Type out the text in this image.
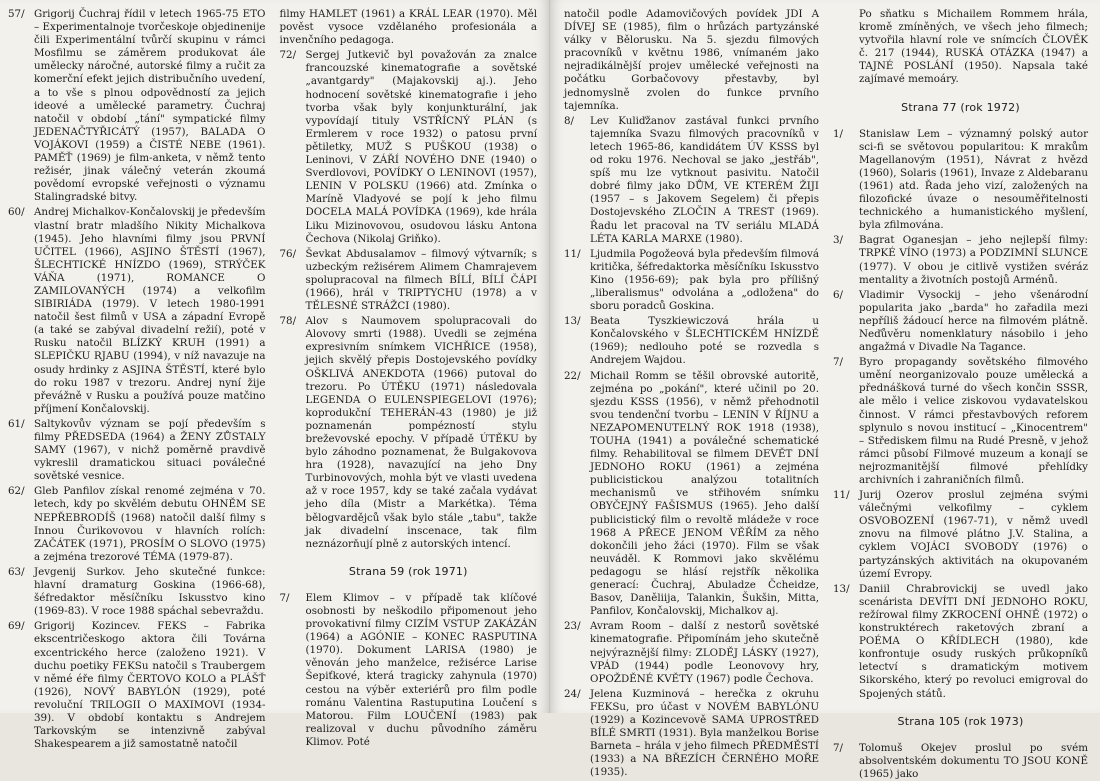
57/ Grigorij Čuchraj řídil v letech 1965-75 ETO – Experimentalnoje tvorčeskoje objedinenije čili Experimentální tvůrčí skupinu v rámci Mosfilmu se záměrem produkovat ále uměleckу náročné, autorské filmy a ručit za komerční efekt jejich distribučního uvedení, a to vše s plnou odpovědností za jejich ideové a umělecké parametry. Čuchraj natočil v období „tání" sympatické filmy JEDENAČTYŘICÁTÝ (1957), BALADA O VOJÁKOVI (1959) a ČISTÉ NEBE (1961). PAMĚŤ (1969) je film-anketa, v němž tento režisér, jinak válečný veterán zkoumá povědomí evropské veřejnosti o významu Stalingradské bitvy.
60/ Andrej Michalkov-Končalovskij je především vlastní bratr mladšího Nikity Michalkova (1945). Jeho hlavními filmy jsou PRVNÍ UČITEL (1966), ASJINO ŠTĚSTÍ (1967), ŠLECHTICKÉ HNÍZDO (1969), STRÝČEK VÁŇA (1971), ROMANCE O ZAMILOVANÝCH (1974) a velkofilm SIBIRIÁDA (1979). V letech 1980-1991 natočil šest filmů v USA a západní Evropě (a také se zabýval divadelní režií), poté v Rusku natočil BLÍZKÝ KRUH (1991) a SLEPIČKU RJABU (1994), v níž navazuje na osudy hrdinky z ASJINA ŠTĚSTÍ, které bylo do roku 1987 v trezoru. Andrej nyní žije převážně v Rusku a používá pouze matčino příjmení Končalovskij.
61/ Saltykovův význam se pojí především s filmy PŘEDSEDA (1964) a ŽENY ZŮSTALY SAMY (1967), v nichž poměrně pravdivě vykreslil dramatickou situaci poválečné sovětské vesnice.
62/ Gleb Panfilov získal renomé zejména v 70. letech, kdy po skvělém debutu OHNĚM SE NEPŘEBRODÍŠ (1968) natočil další filmy s Innou Čurikovovou v hlavních rolích: ZAČÁTEK (1971), PROSÍM O SLOVO (1975) a zejména trezorové TÉMA (1979-87).
63/ Jevgenij Surkov. Jeho skutečné funkce: hlavní dramaturg Goskina (1966-68), šéfredaktor měsíčníku Iskusstvo kino (1969-83). V roce 1988 spáchal sebevraždu.
69/ Grigorij Kozincev. FEKS – Fabrika ekscentričeskogo aktora čili Továrna excentrického herce (založeno 1921). V duchu poetiky FEKSu natočil s Traubergem v němé éře filmy ČERTOVO KOLO a PLÁŠŤ (1926), NOVÝ BABYLÓN (1929), poté revoluční TRILOGII O MAXIMOVI (1934-39). V období kontaktu s Andrejem Tarkovským se intenzivně zabýval Shakespearem a již samostatně natočil
filmy HAMLET (1961) a KRÁL LEAR (1970). Měl pověst vysoce vzdělaného profesionála a invenčního pedagoga.
72/ Sergej Jutkevič byl považován za znalce francouzské kinematografie a sovětské „avantgardy" (Majakovskij aj.). Jeho hodnocení sovětské kinematografie i jeho tvorba však byly konjunkturální, jak vypovídají tituly VSTŘÍCNÝ PLÁN (s Ermlerem v roce 1932) o patosu první pětiletky, MUŽ S PUŠKOU (1938) o Leninovi, V ZÁŘÍ NOVÉHO DNE (1940) o Sverdlovovi, POVÍDKY O LENINOVI (1957), LENIN V POLSKU (1966) atd. Zmínka o Maríně Vladyové se pojí k jeho filmu DOCELA MALÁ POVÍDKA (1969), kde hrála Liku Mizinovovou, osudovou lásku Antona Čechova (Nikolaj Griňko).
76/ Ševkat Abdusalamov – filmový výtvarník; s uzbeckým režisérem Alimem Chamrajevem spolupracoval na filmech BÍLÍ, BÍLÍ ČÁPI (1966), hrál v TRIPTYCHU (1978) a v TĚLESNÉ STRÁŽCI (1980).
78/ Alov s Naumovem spolupracovali do Alovovy smrti (1988). Uvedli se zejména expresivním snímkem VICHŘICE (1958), jejich skvělý přepis Dostojevského povídky OŠKLIVÁ ANEKDOTA (1966) putoval do trezoru. Po ÚTĚKU (1971) následovala LEGENDA O EULENSPIEGELOVI (1976); koprodukční TEHERÁN-43 (1980) je již poznamenán pompézností stylu breževovské epochy. V případě ÚTĚKU by bylo záhodno poznamenat, že Bulgakovova hra (1928), navazující na jeho Dny Turbinovových, mohla být ve vlasti uvedena až v roce 1957, kdy se také začala vydávat jeho díla (Mistr a Markétka). Téma bělogvardějců však bylo stále „tabu", takže jak divadelní inscenace, tak film neznázorňují plně z autorských intencí.
Strana 59 (rok 1971)
7/	Elem Klimov – v případě tak klíčové osobnosti by neškodilo připomenout jeho provokativní filmy CIZÍM VSTUP ZAKÁZÁN (1964) a AGÓNIE – KONEC RASPUTINA (1970). Dokument LARISA (1980) je věnován jeho manželce, režisérce Larise Šepiťkové, která tragicky zahynula (1970) cestou na výběr exteriérů pro film podle románu Valentina Rastuputina Loučení s Matorou. Film LOUČENÍ (1983) pak realizoval v duchu původního záměru Klimov. Poté
natočil podle Adamovičových povídek JDI A DÍVEJ SE (1985), film o hrůzách partyzánské války v Bělorusku. Na 5. sjezdu filmových pracovníků v květnu 1986, vnímaném jako nejradikálnější projev umělecké veřejnosti na počátku Gorbačovovy přestavby, byl jednomyslně zvolen do funkce prvního tajemníka.
8/	Lev Kuliďžanov zastával funkci prvního tajemníka Svazu filmových pracovníků v letech 1965-86, kandidátem ÚV KSSS byl od roku 1976. Nechoval se jako „jestřáb", spíš mu lze vytknout pasivitu. Natočil dobré filmy jako DŮM, VE KTERÉM ŽIJI (1957 – s Jakovem Segelem) či přepis Dostojevského ZLOČIN A TREST (1969). Řadu let pracoval na TV seriálu MLADÁ LÉTA KARLA MARXE (1980).
11/ Ljudmila Pogožeová byla především filmová kritička, šéfredaktorka měsíčníku Iskusstvo Kino (1956-69); pak byla pro přílišný „liberalismus" odvolána a „odložena" do sboru poradců Goskina.
13/ Beata Tyszkiewiczová hrála u Končalovského v ŠLECHTICKÉM HNÍZDĚ (1969); nedlouho poté se rozvedla s Andrejem Wajdou.
22/ Michail Romm se těšil obrovské autoritě, zejména po „pokání", které učinil po 20. sjezdu KSSS (1956), v němž přehodnotil svou tendenční tvorbu – LENIN V ŘÍJNU a NEZAPOMENUTELNÝ ROK 1918 (1938), TOUHA (1941) a poválečné schematické filmy. Rehabilitoval se filmem DEVĚT DNÍ JEDNOHO ROKU (1961) a zejména publicistickou analýzou totalitních mechanismů ve střihovém snímku OBYČEJNÝ FAŠISMUS (1965). Jeho další publicistický film o revoltě mládeže v roce 1968 A PŘECE JENOM VĚŘÍM za něho dokončili jeho žáci (1970). Film se však neuváděl. K Rommovi jako skvělému pedagogu se hlásí rejstřík několika generací: Čuchraj, Abuladze Čcheidze, Basov, Daněliija, Talankin, Šukšin, Mitta, Panfilov, Končalovskij, Michalkov aj.
23/ Avram Room – další z nestorů sovětské kinematografie. Připomínám jeho skutečně nejvýraznější filmy: ZLODĚJ LÁSKY (1927), VPÁD (1944) podle Leonovovy hry, OPOŽDĚNÉ KVĚTY (1967) podle Čechova.
24/ Jelena Kuzminová – herečka z okruhu FEKSu, pro účast v NOVÉM BABYLÓNU (1929) a Kozincevově SAMA UPROSTŘED BÍLÉ SMRTI (1931). Byla manželkou Borise Barneta – hrála v jeho filmech PŘEDMĚSTÍ (1933) a NA BŘEZÍCH ČERNÉHO MOŘE (1935).
Po sňatku s Michailem Rommem hrála, kromě zmíněných, ve všech jeho filmech; vytvořila hlavní role ve snímcích ČLOVĚK č. 217 (1944), RUSKÁ OTÁZKA (1947) a TAJNÉ POSLÁNÍ (1950). Napsala také zajímavé memoáry.
Strana 77 (rok 1972)
1/	Stanislaw Lem – významný polský autor sci-fi se světovou popularitou: K mrakům Magellanovým (1951), Návrat z hvězd (1960), Solaris (1961), Invaze z Aldebaranu (1961) atd. Řada jeho vizí, založených na filozofické úvaze o nesouměřitelnosti technického a humanistického myšlení, byla zfilmována.
3/	Bagrat Oganesjan – jeho nejlepší filmy: TRPKÉ VÍNO (1973) a PODZIMNÍ SLUNCE (1977). V obou je citlivě vystižen svéráz mentality a životních postojů Arménů.
6/	Vladimir Vysockij – jeho všenárodní popularita jako „barda" ho zařadila mezi nepříliš žádoucí herce na filmovém plátně. Neďůvěru nomenklatury násobilo i jeho angažmá v Divadle Na Tagance.
7/	Byro propagandy sovětského filmového umění neorganizovalo pouze umělecká a přednášková turné do všech končin SSSR, ale mělo i velice ziskovou vydavatelskou činnost. V rámci přestavbových reforem splynulo s novou institucí – „Kinocentrem" – Střediskem filmu na Rudé Presně, v jehož rámci působí Filmové muzeum a konají se nejrozmanitější filmové přehlídky archivních i zahraničních filmů.
11/ Jurij Ozerov proslul zejména svými válečnými velkofilmy – cyklem OSVOBOZENÍ (1967-71), v němž uvedl znovu na filmové plátno J.V. Stalina, a cyklem VOJÁCI SVOBODY (1976) o partyzánských aktivitách na okupovaném území Evropy.
13/ Daniil Chrabrovickij se uvedl jako scenárista DEVÍTI DNÍ JEDNOHO ROKU, režírowal filmy ZKROCENÍ OHNĚ (1972) o konstruktérech raketových zbraní a POÉMA O KŘÍDLECH (1980), kde konfrontuje osudy ruských průkopníků letectví s dramatickým motivem Sikorského, který po revoluci emigroval do Spojených států.
Strana 105 (rok 1973)
7/	Tolomuš Okejev proslul po svém absolventském dokumentu TO JSOU KONĚ (1965) jako
